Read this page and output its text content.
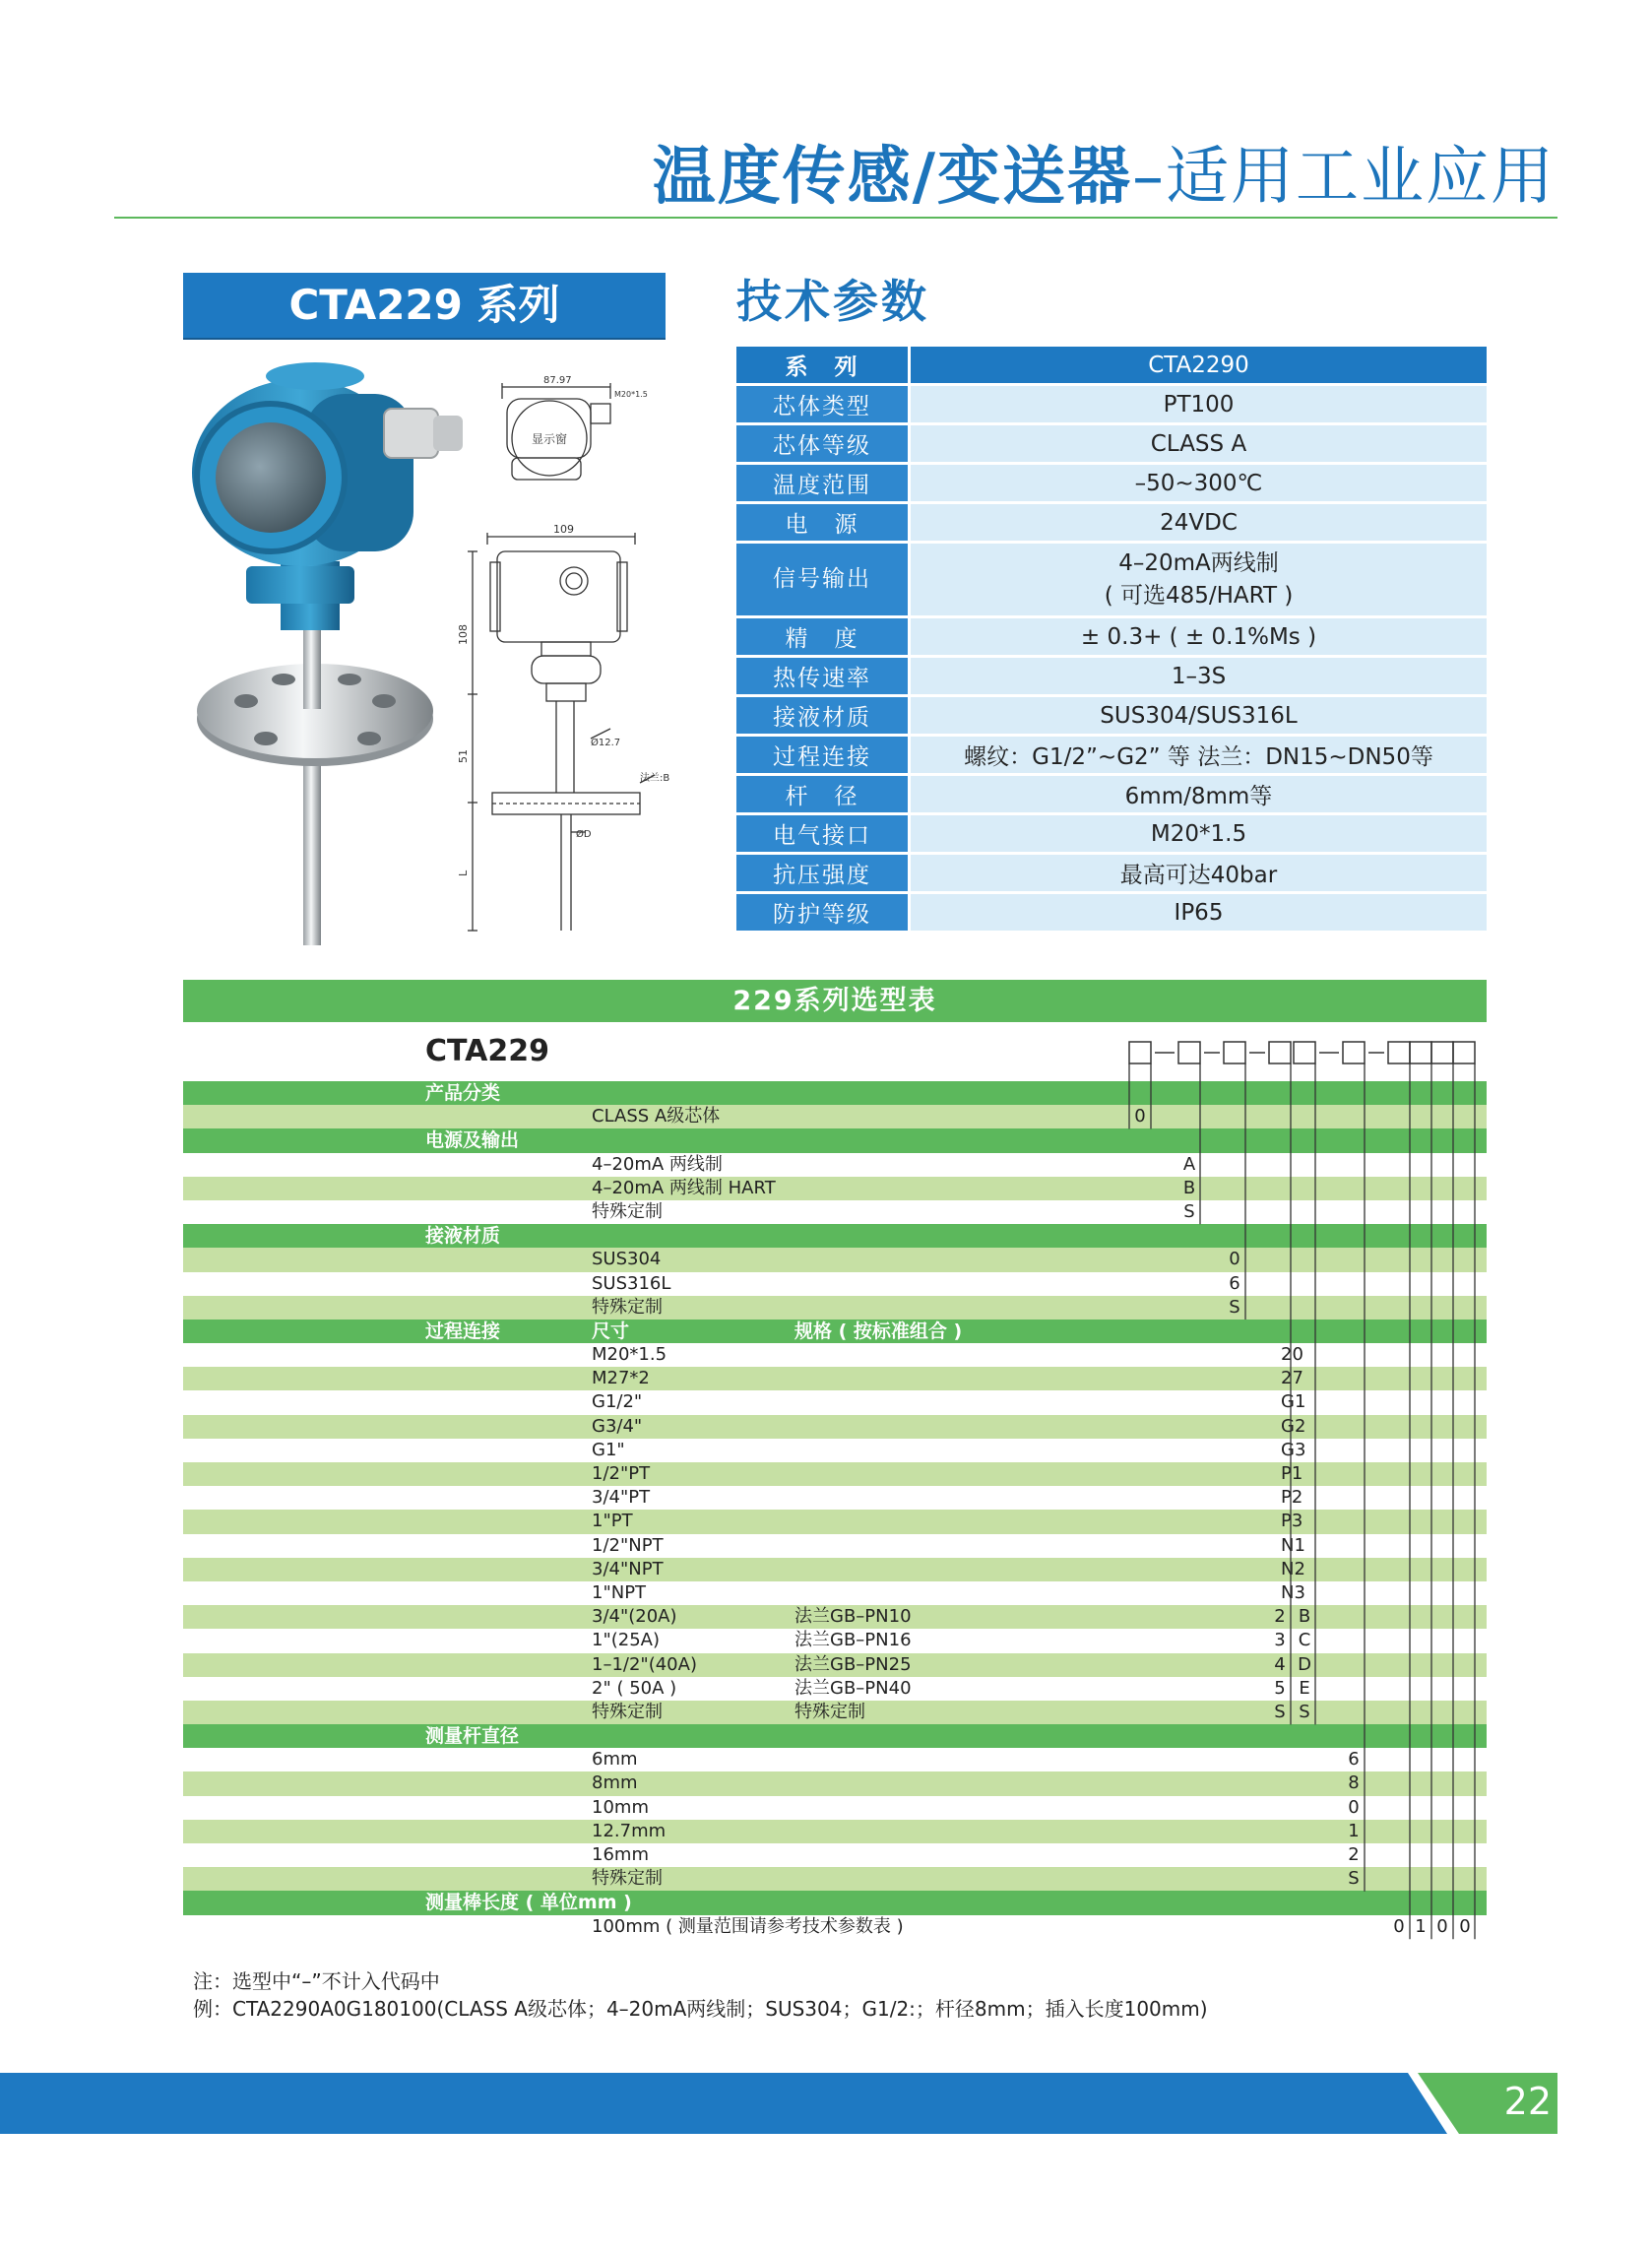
温度传感/变送器–适用工业应用
CTA229 系列	技术参数
87.97
M20*1.5
显示窗
109
108
51
L
Ø12.7
法兰:B
ØD
系　列	CTA2290
芯体类型	PT100
芯体等级	CLASS A
温度范围	–50~300℃
电　源	24VDC
信号输出	4–20mA两线制
( 可选485/HART )

精　度	± 0.3+ ( ± 0.1%Ms )
热传速率	1–3S
接液材质	SUS304/SUS316L
过程连接	螺纹：G1/2”~G2” 等 法兰：DN15~DN50等
杆　径	6mm/8mm等
电气接口	M20*1.5
抗压强度	最高可达40bar
防护等级	IP65
229系列选型表
CTA229
产品分类
CLASS A级芯体	0
电源及输出
4–20mA 两线制	A
4–20mA 两线制 HART	B
特殊定制	S
接液材质
SUS304	0
SUS316L	6
特殊定制	S
过程连接	尺寸	规格 ( 按标准组合 )
M20*1.5	20
M27*2	27
G1/2"	G1
G3/4"	G2
G1"	G3
1/2"PT	P1
3/4"PT	P2
1"PT	P3
1/2"NPT	N1
3/4"NPT	N2
1"NPT	N3
3/4"(20A)	法兰GB–PN10	2 B
1"(25A)	法兰GB–PN16	3 C
1–1/2"(40A)	法兰GB–PN25	4 D
2" ( 50A )	法兰GB–PN40	5 E
特殊定制	特殊定制	S S
测量杆直径
6mm	6
8mm	8
10mm	0
12.7mm	1
16mm	2
特殊定制	S
测量棒长度 ( 单位mm )
100mm ( 测量范围请参考技术参数表 )	0 1 0 0
注：选型中“–”不计入代码中
例：CTA2290A0G180100(CLASS A级芯体；4–20mA两线制；SUS304；G1/2:；杆径8mm；插入长度100mm)
22
